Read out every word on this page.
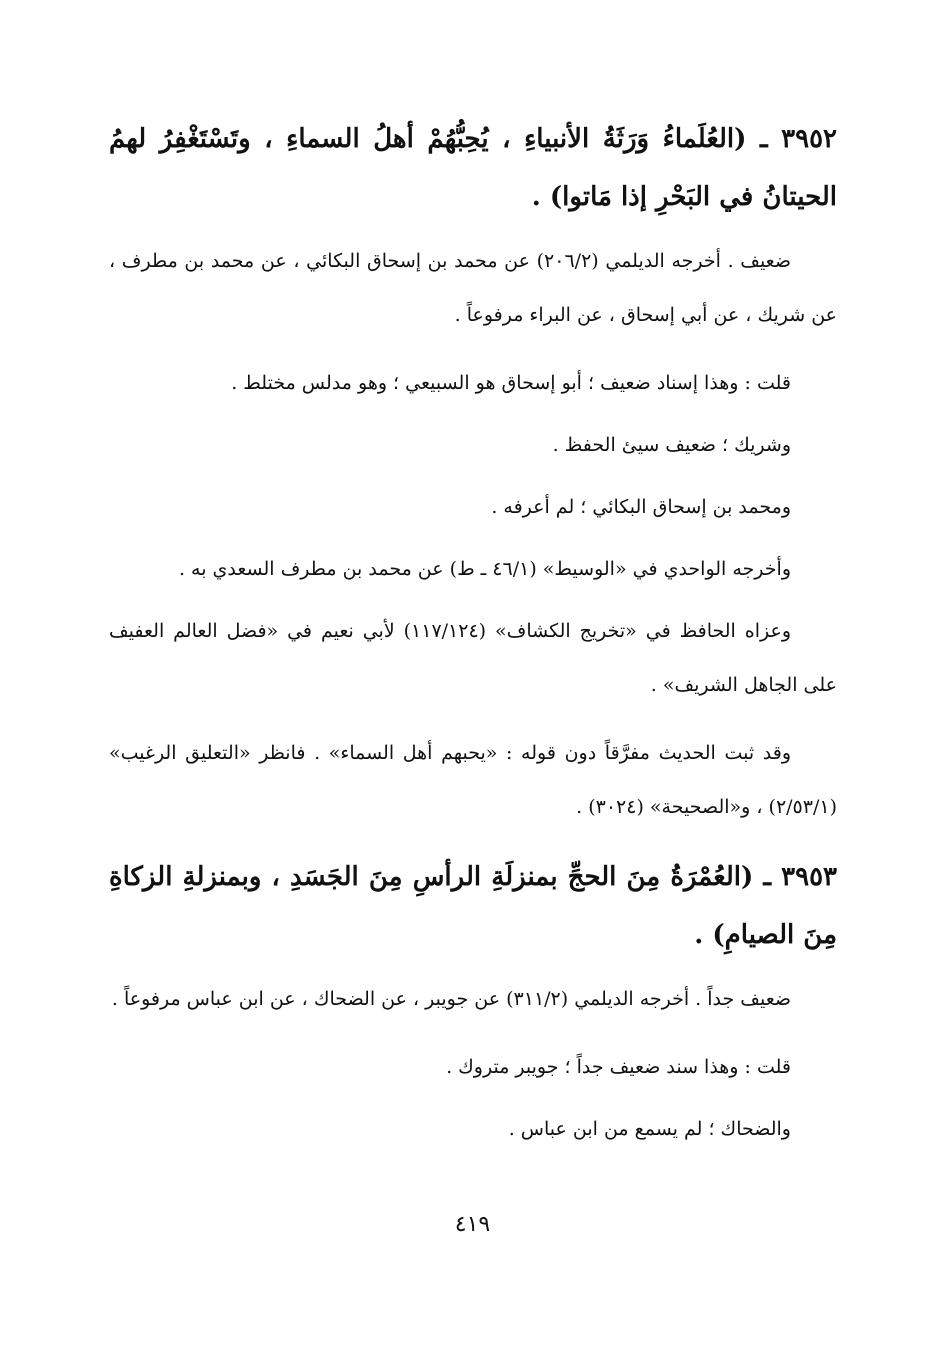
٣٩٥٢ ـ (العُلَماءُ وَرَثَةُ الأنبياءِ ، يُحِبُّهُمْ أهلُ السماءِ ، وتَسْتَغْفِرُ لهمُ الحيتانُ في البَحْرِ إذا مَاتوا) .

ضعيف . أخرجه الديلمي (٢٠٦/٢) عن محمد بن إسحاق البكائي ، عن محمد بن مطرف ، عن شريك ، عن أبي إسحاق ، عن البراء مرفوعاً .

قلت : وهذا إسناد ضعيف ؛ أبو إسحاق هو السبيعي ؛ وهو مدلس مختلط .

وشريك ؛ ضعيف سيئ الحفظ .

ومحمد بن إسحاق البكائي ؛ لم أعرفه .

وأخرجه الواحدي في «الوسيط» (٤٦/١ ـ ط) عن محمد بن مطرف السعدي به .

وعزاه الحافظ في «تخريج الكشاف» (١١٧/١٢٤) لأبي نعيم في «فضل العالم العفيف على الجاهل الشريف» .

وقد ثبت الحديث مفرَّقاً دون قوله : «يحبهم أهل السماء» . فانظر «التعليق الرغيب» (٢/٥٣/١) ، و«الصحيحة» (٣٠٢٤) .

٣٩٥٣ ـ (العُمْرَةُ مِنَ الحجِّ بمنزلَةِ الرأسِ مِنَ الجَسَدِ ، وبمنزلةِ الزكاةِ مِنَ الصيامِ) .

ضعيف جداً . أخرجه الديلمي (٣١١/٢) عن جويبر ، عن الضحاك ، عن ابن عباس مرفوعاً .

قلت : وهذا سند ضعيف جداً ؛ جويبر متروك .

والضحاك ؛ لم يسمع من ابن عباس .

٤١٩
